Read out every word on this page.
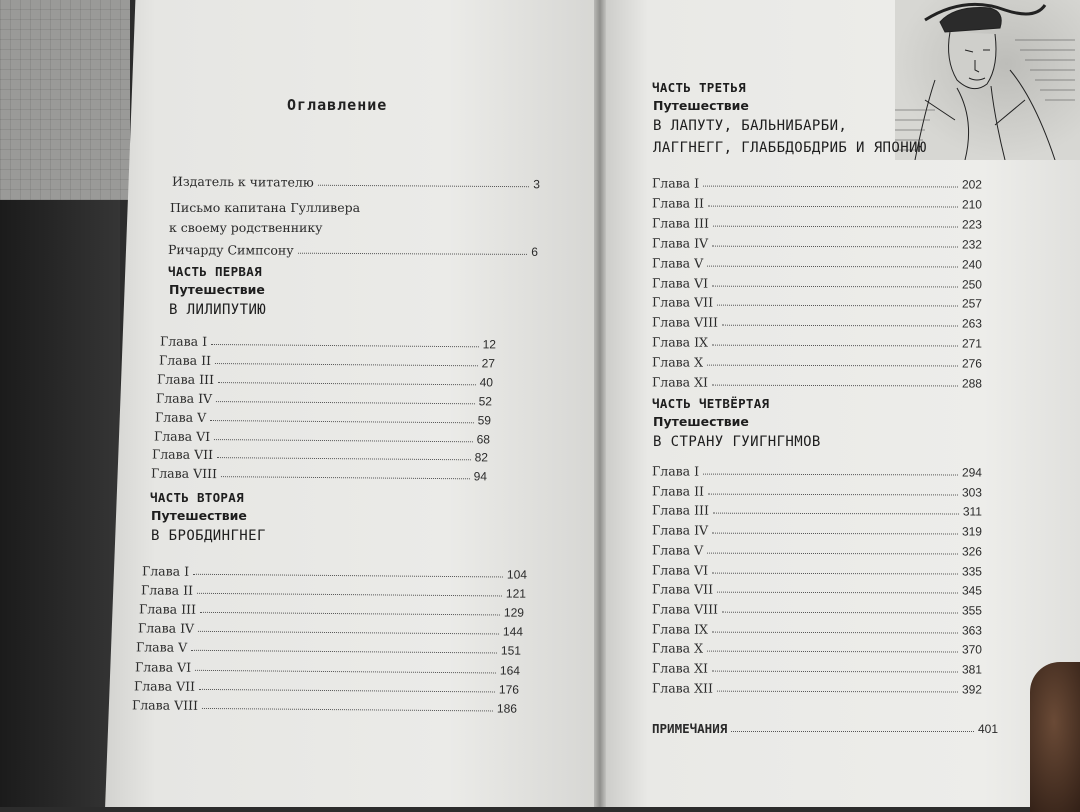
Оглавление
Издатель к читателю	3
Письмо капитана Гулливера
к своему родственнику
Ричарду Симпсону	6
ЧАСТЬ ПЕРВАЯ
Путешествие
В ЛИЛИПУТИЮ
Глава I	12
Глава II	27
Глава III	40
Глава IV	52
Глава V	59
Глава VI	68
Глава VII	82
Глава VIII	94
ЧАСТЬ ВТОРАЯ
Путешествие
В БРОБДИНГНЕГ
Глава I	104
Глава II	121
Глава III	129
Глава IV	144
Глава V	151
Глава VI	164
Глава VII	176
Глава VIII	186
ЧАСТЬ ТРЕТЬЯ
Путешествие
В ЛАПУТУ, БАЛЬНИБАРБИ,
ЛАГГНЕГГ, ГЛАББДОБДРИБ И ЯПОНИЮ
Глава I	202
Глава II	210
Глава III	223
Глава IV	232
Глава V	240
Глава VI	250
Глава VII	257
Глава VIII	263
Глава IX	271
Глава X	276
Глава XI	288
ЧАСТЬ ЧЕТВЁРТАЯ
Путешествие
В СТРАНУ ГУИГНГНМОВ
Глава I	294
Глава II	303
Глава III	311
Глава IV	319
Глава V	326
Глава VI	335
Глава VII	345
Глава VIII	355
Глава IX	363
Глава X	370
Глава XI	381
Глава XII	392
ПРИМЕЧАНИЯ	401
